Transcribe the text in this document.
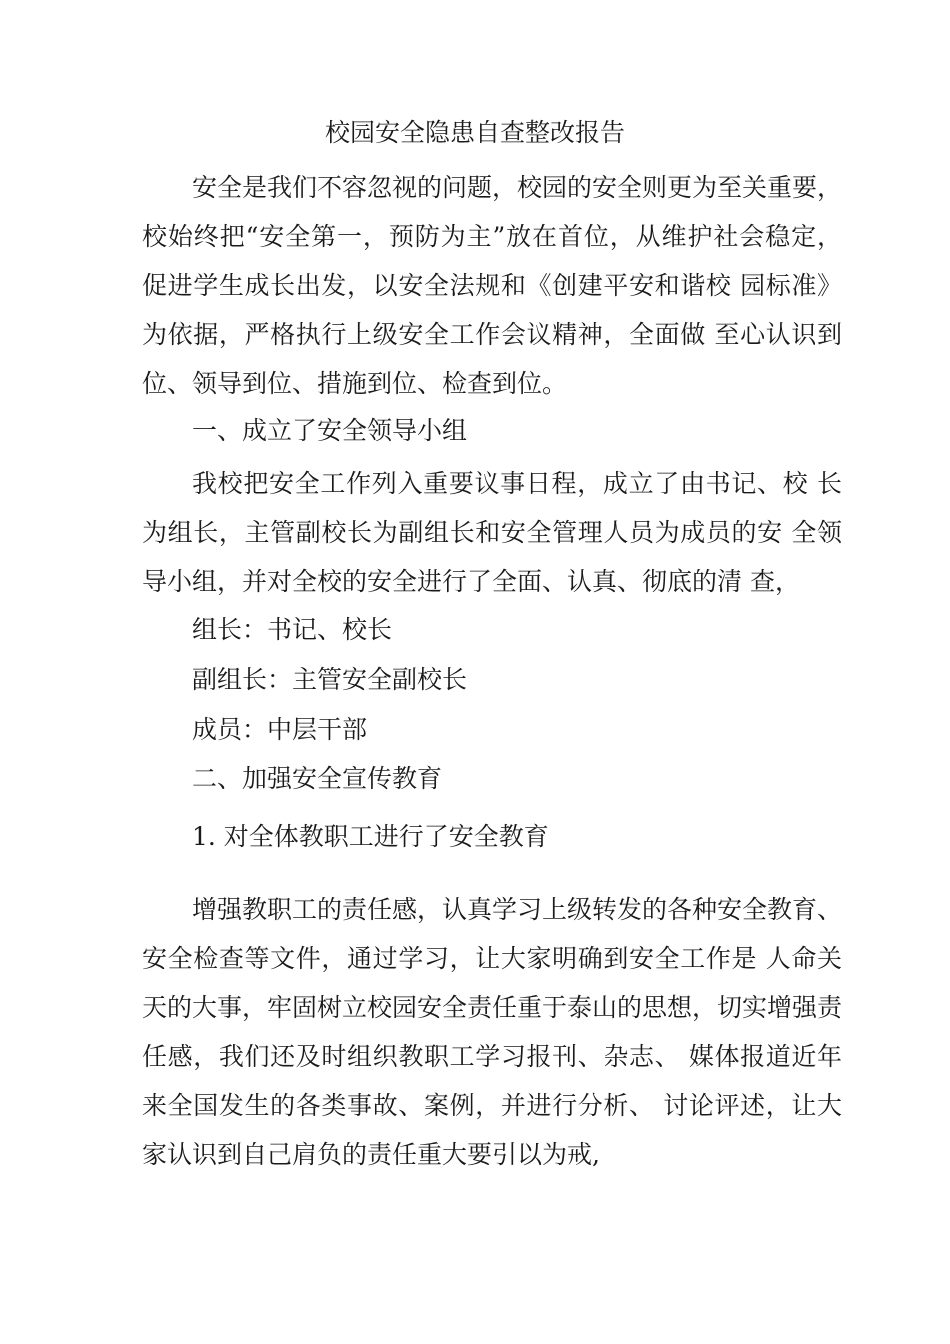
校园安全隐患自查整改报告

安全是我们不容忽视的问题，校园的安全则更为至关重要，校始终把“安全第一，预防为主”放在首位，从维护社会稳定，促进学生成长出发，以安全法规和《创建平安和谐校 园标准》为依据，严格执行上级安全工作会议精神，全面做 至心认识到位、领导到位、措施到位、检查到位。

一、成立了安全领导小组

我校把安全工作列入重要议事日程，成立了由书记、校 长为组长，主管副校长为副组长和安全管理人员为成员的安 全领导小组，并对全校的安全进行了全面、认真、彻底的清 查，

组长：书记、校长

副组长：主管安全副校长

成员：中层干部

二、加强安全宣传教育

1. 对全体教职工进行了安全教育

增强教职工的责任感，认真学习上级转发的各种安全教育、安全检查等文件，通过学习，让大家明确到安全工作是 人命关天的大事，牢固树立校园安全责任重于泰山的思想，切实增强责任感，我们还及时组织教职工学习报刊、杂志、 媒体报道近年来全国发生的各类事故、案例，并进行分析、 讨论评述，让大家认识到自己肩负的责任重大要引以为戒,
